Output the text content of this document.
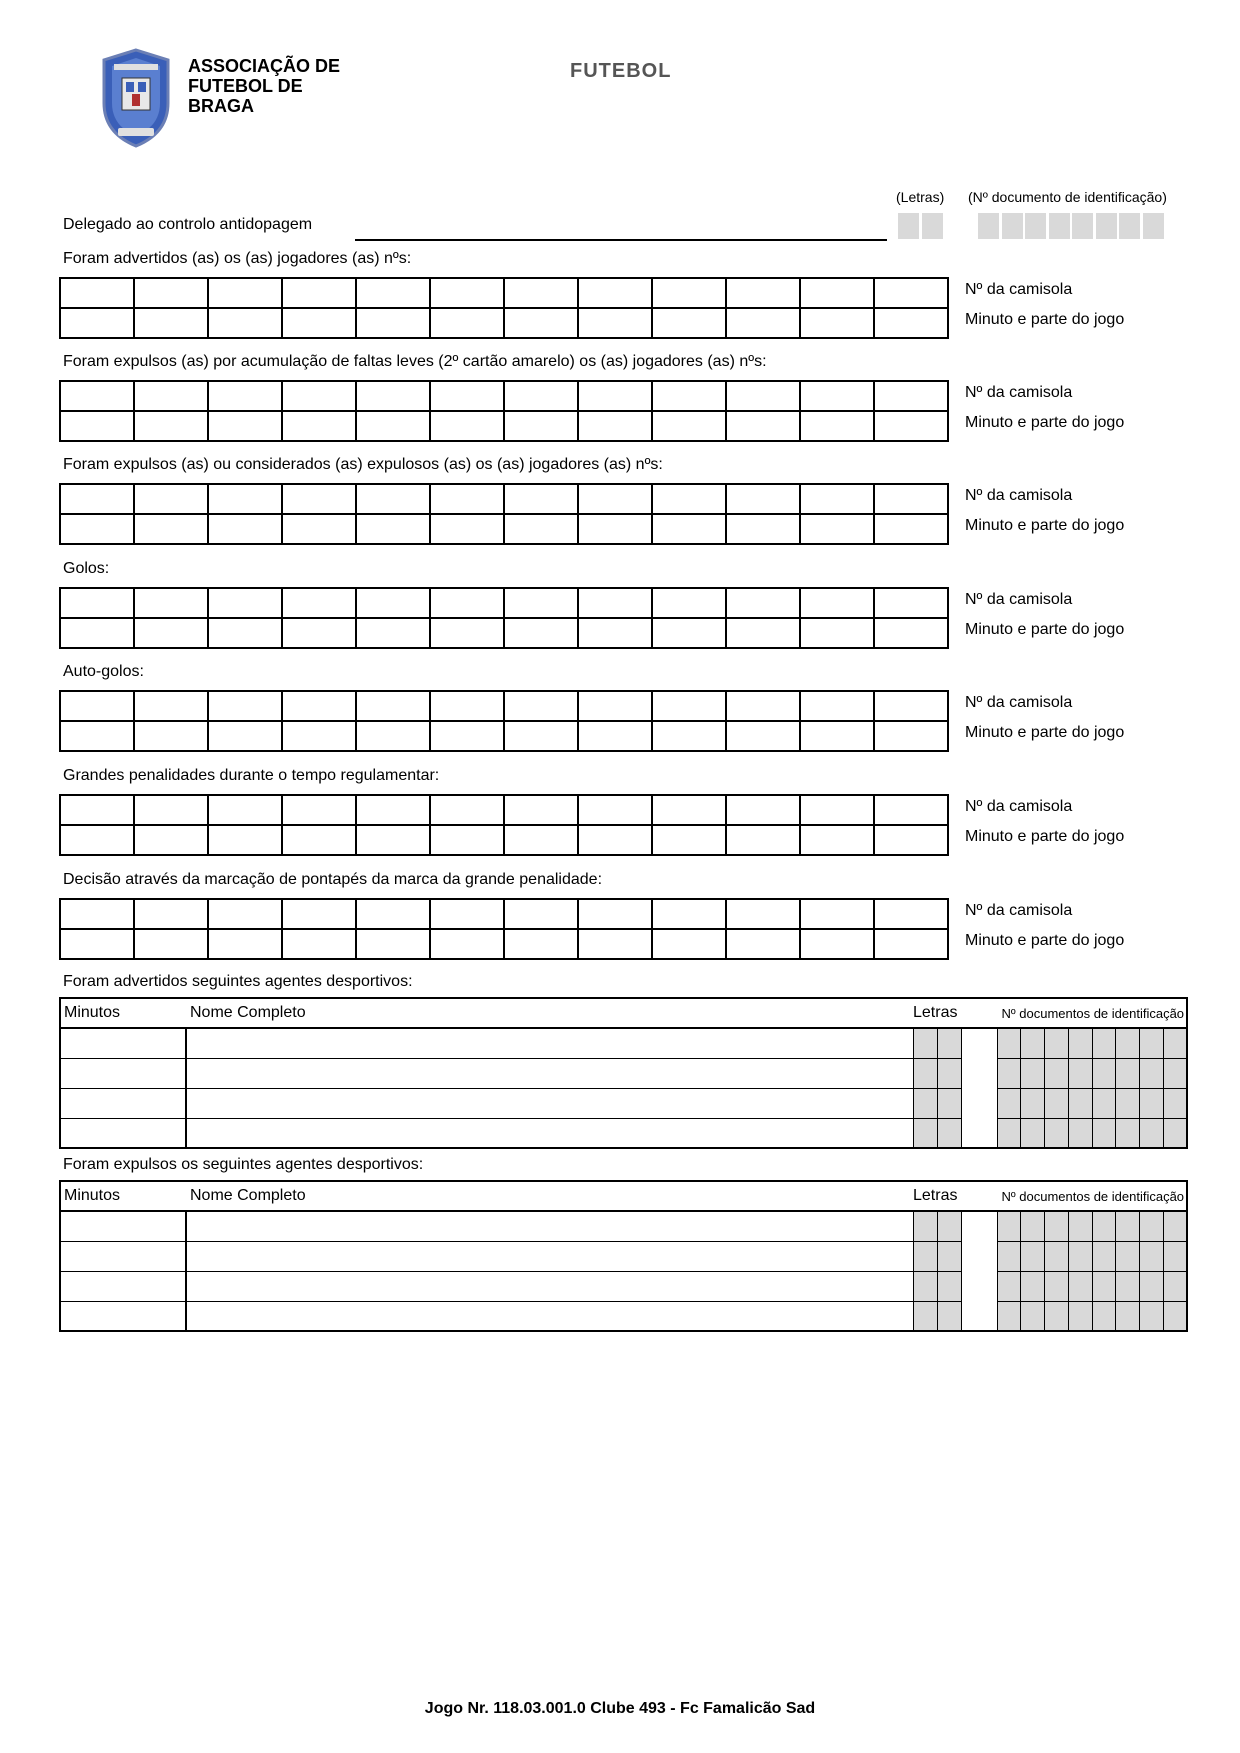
ASSOCIAÇÃO DE FUTEBOL DE BRAGA
FUTEBOL
(Letras) (Nº documento de identificação)
Delegado ao controlo antidopagem
Foram advertidos (as) os (as) jogadores (as) nºs:

Nº da camisola
Minuto e parte do jogo
Foram expulsos (as) por acumulação de faltas leves (2º cartão amarelo) os (as) jogadores (as) nºs:

Nº da camisola
Minuto e parte do jogo
Foram expulsos (as) ou considerados (as) expulosos (as) os (as) jogadores (as) nºs:

Nº da camisola
Minuto e parte do jogo
Golos:

Nº da camisola
Minuto e parte do jogo
Auto-golos:

Nº da camisola
Minuto e parte do jogo
Grandes penalidades durante o tempo regulamentar:

Nº da camisola
Minuto e parte do jogo
Decisão através da marcação de pontapés da marca da grande penalidade:

Nº da camisola
Minuto e parte do jogo
Foram advertidos seguintes agentes desportivos:
Minutos	Nome Completo	Letras		Nº documentos de identificação								

Foram expulsos os seguintes agentes desportivos:
Minutos	Nome Completo	Letras		Nº documentos de identificação								

Jogo Nr. 118.03.001.0 Clube 493 - Fc Famalicão Sad
